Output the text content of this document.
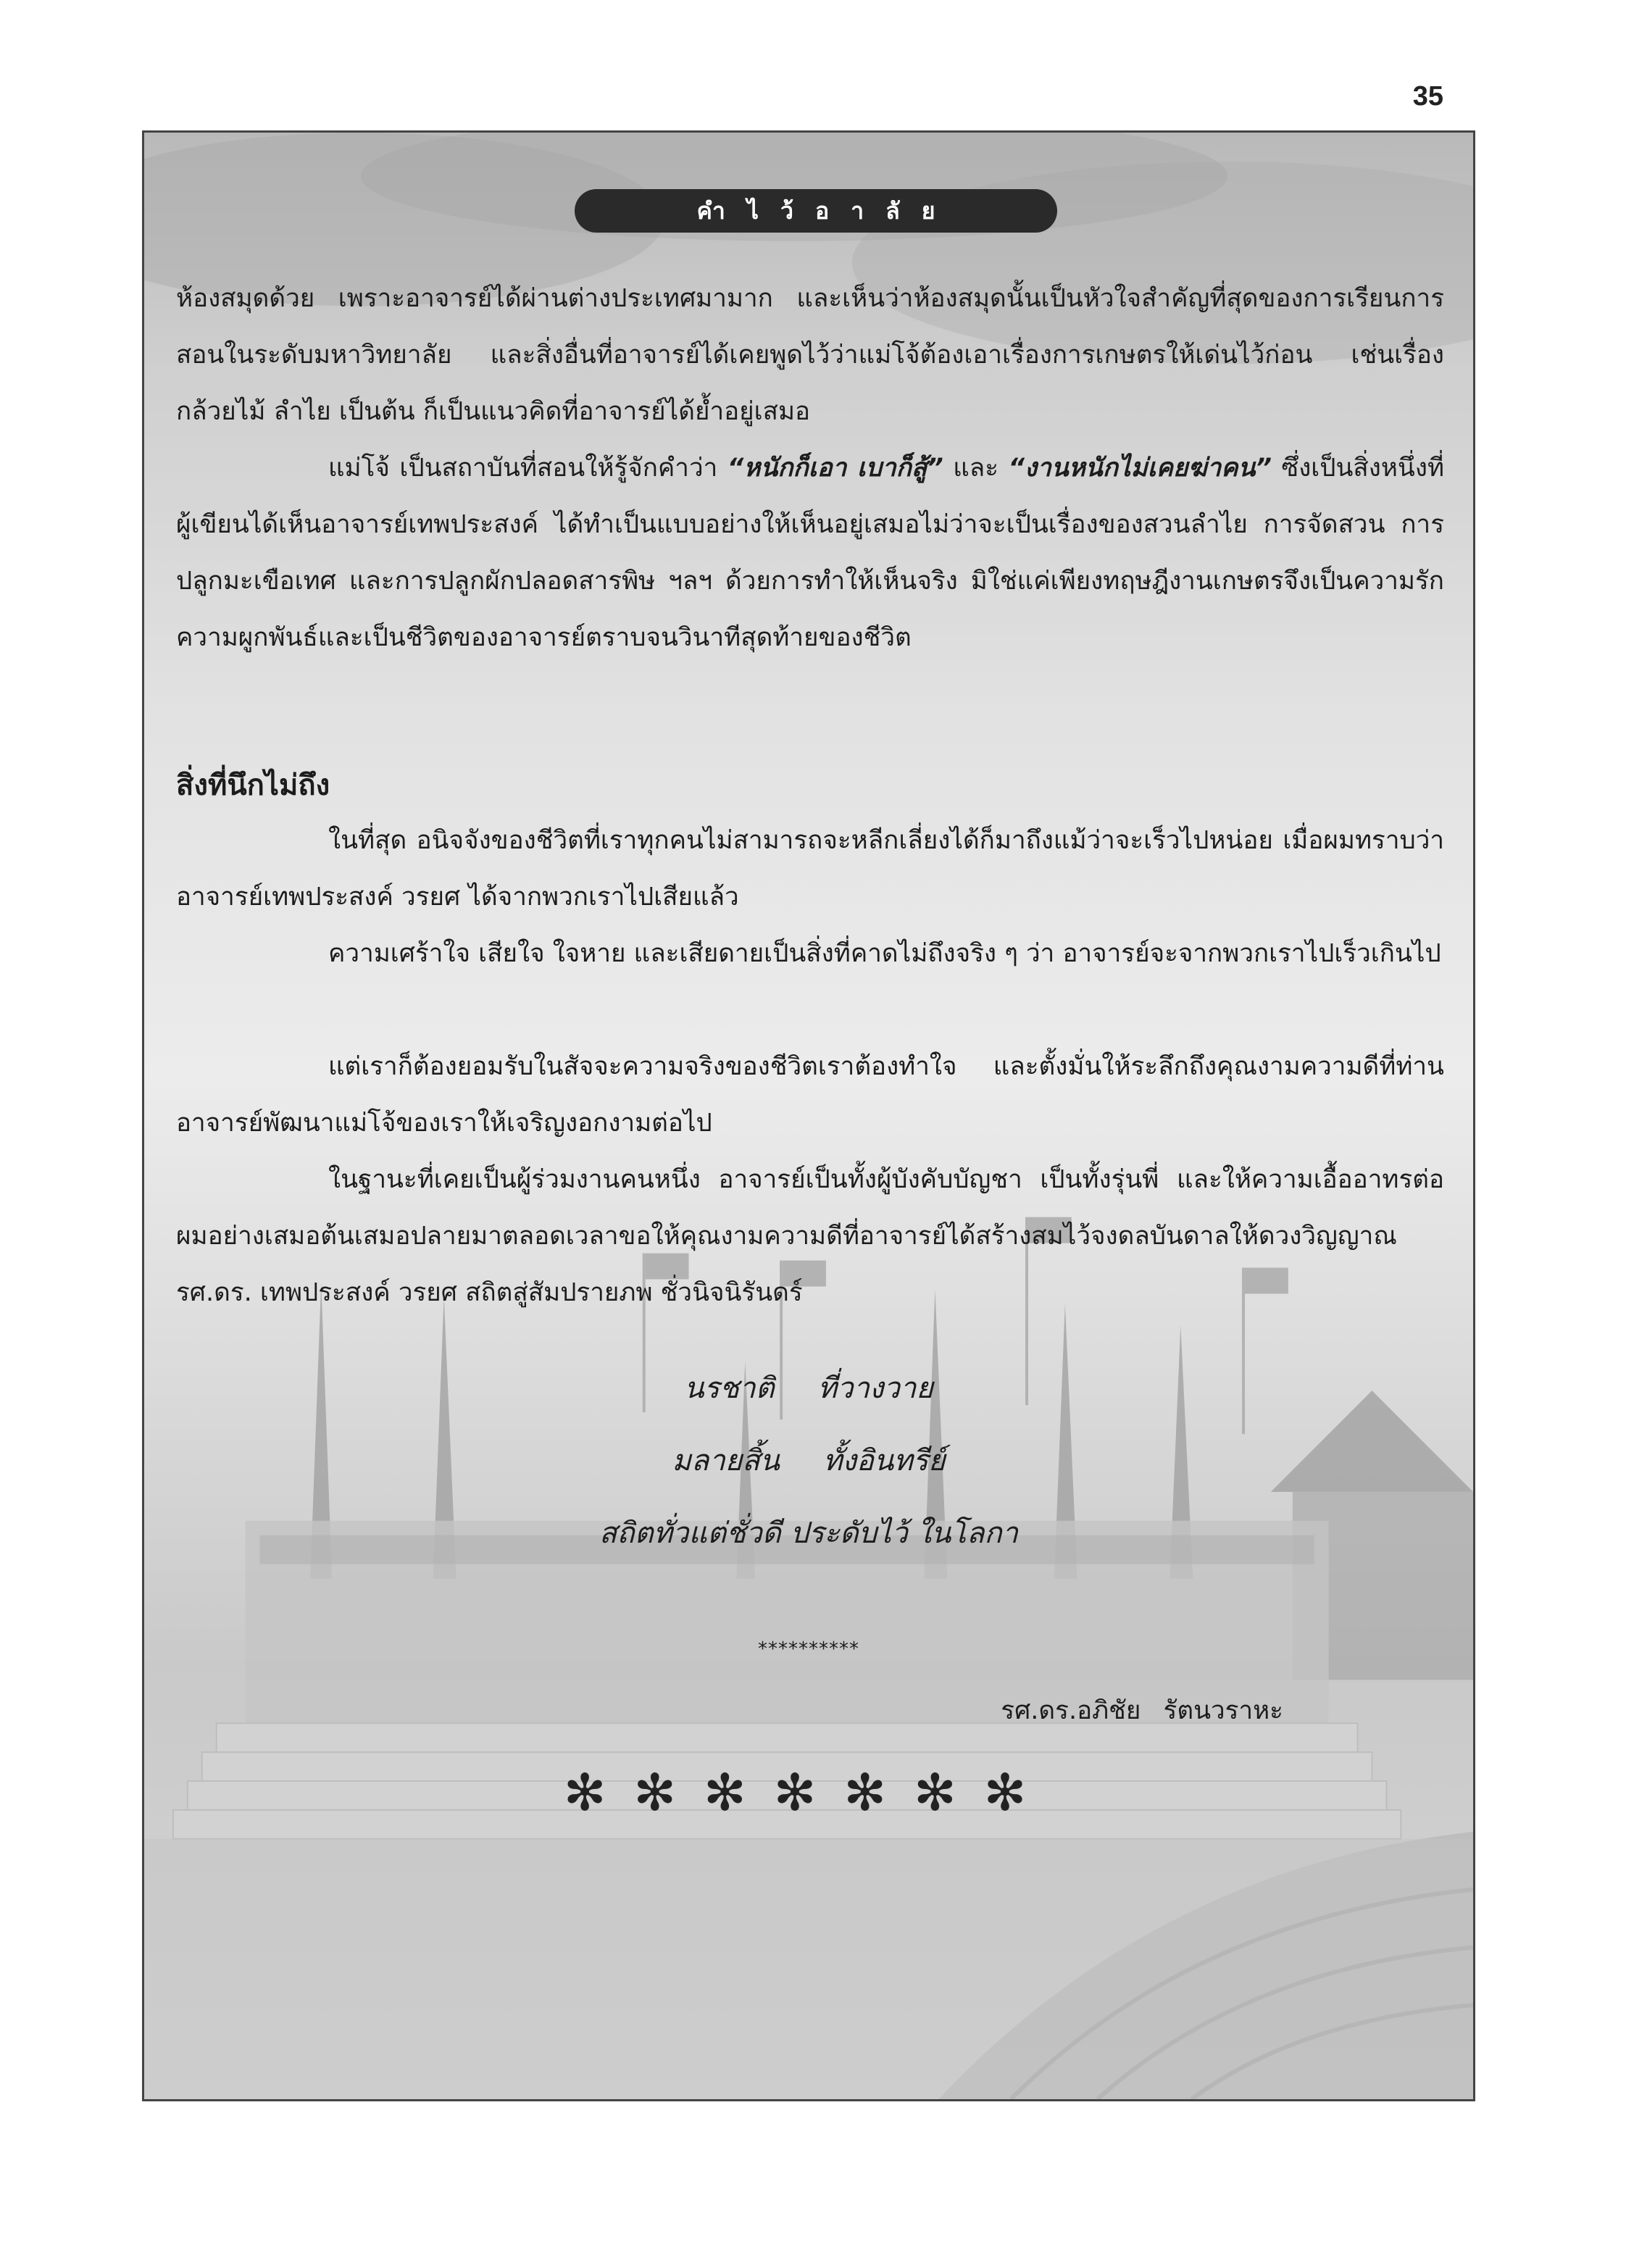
35
คำไว้อาลัย
ห้องสมุดด้วย เพราะอาจารย์ได้ผ่านต่างประเทศมามาก และเห็นว่าห้องสมุดนั้นเป็นหัวใจสำคัญที่สุดของการเรียนการสอนในระดับมหาวิทยาลัย และสิ่งอื่นที่อาจารย์ได้เคยพูดไว้ว่าแม่โจ้ต้องเอาเรื่องการเกษตรให้เด่นไว้ก่อน เช่นเรื่องกล้วยไม้ ลำไย เป็นต้น ก็เป็นแนวคิดที่อาจารย์ได้ย้ำอยู่เสมอ
แม่โจ้ เป็นสถาบันที่สอนให้รู้จักคำว่า “หนักก็เอา เบาก็สู้” และ “งานหนักไม่เคยฆ่าคน” ซึ่งเป็นสิ่งหนึ่งที่ผู้เขียนได้เห็นอาจารย์เทพประสงค์ ได้ทำเป็นแบบอย่างให้เห็นอยู่เสมอไม่ว่าจะเป็นเรื่องของสวนลำไย การจัดสวน การปลูกมะเขือเทศ และการปลูกผักปลอดสารพิษ ฯลฯ ด้วยการทำให้เห็นจริง มิใช่แค่เพียงทฤษฎีงานเกษตรจึงเป็นความรัก ความผูกพันธ์และเป็นชีวิตของอาจารย์ตราบจนวินาทีสุดท้ายของชีวิต
สิ่งที่นึกไม่ถึง
ในที่สุด อนิจจังของชีวิตที่เราทุกคนไม่สามารถจะหลีกเลี่ยงได้ก็มาถึงแม้ว่าจะเร็วไปหน่อย เมื่อผมทราบว่าอาจารย์เทพประสงค์ วรยศ ได้จากพวกเราไปเสียแล้ว
ความเศร้าใจ เสียใจ ใจหาย และเสียดายเป็นสิ่งที่คาดไม่ถึงจริง ๆ ว่า อาจารย์จะจากพวกเราไปเร็วเกินไป
แต่เราก็ต้องยอมรับในสัจจะความจริงของชีวิตเราต้องทำใจ และตั้งมั่นให้ระลึกถึงคุณงามความดีที่ท่านอาจารย์พัฒนาแม่โจ้ของเราให้เจริญงอกงามต่อไป
ในฐานะที่เคยเป็นผู้ร่วมงานคนหนึ่ง อาจารย์เป็นทั้งผู้บังคับบัญชา เป็นทั้งรุ่นพี่ และให้ความเอื้ออาทรต่อผมอย่างเสมอต้นเสมอปลายมาตลอดเวลาขอให้คุณงามความดีที่อาจารย์ได้สร้างสมไว้จงดลบันดาลให้ดวงวิญญาณ รศ.ดร. เทพประสงค์ วรยศ สถิตสู่สัมปรายภพ ชั่วนิจนิรันดร์
นรชาติ ที่วางวาย
มลายสิ้น ทั้งอินทรีย์
สถิตทั่วแต่ชั่วดี ประดับไว้ ในโลกา
**********
รศ.ดร.อภิชัย รัตนวราหะ
✻✻✻✻✻✻✻
